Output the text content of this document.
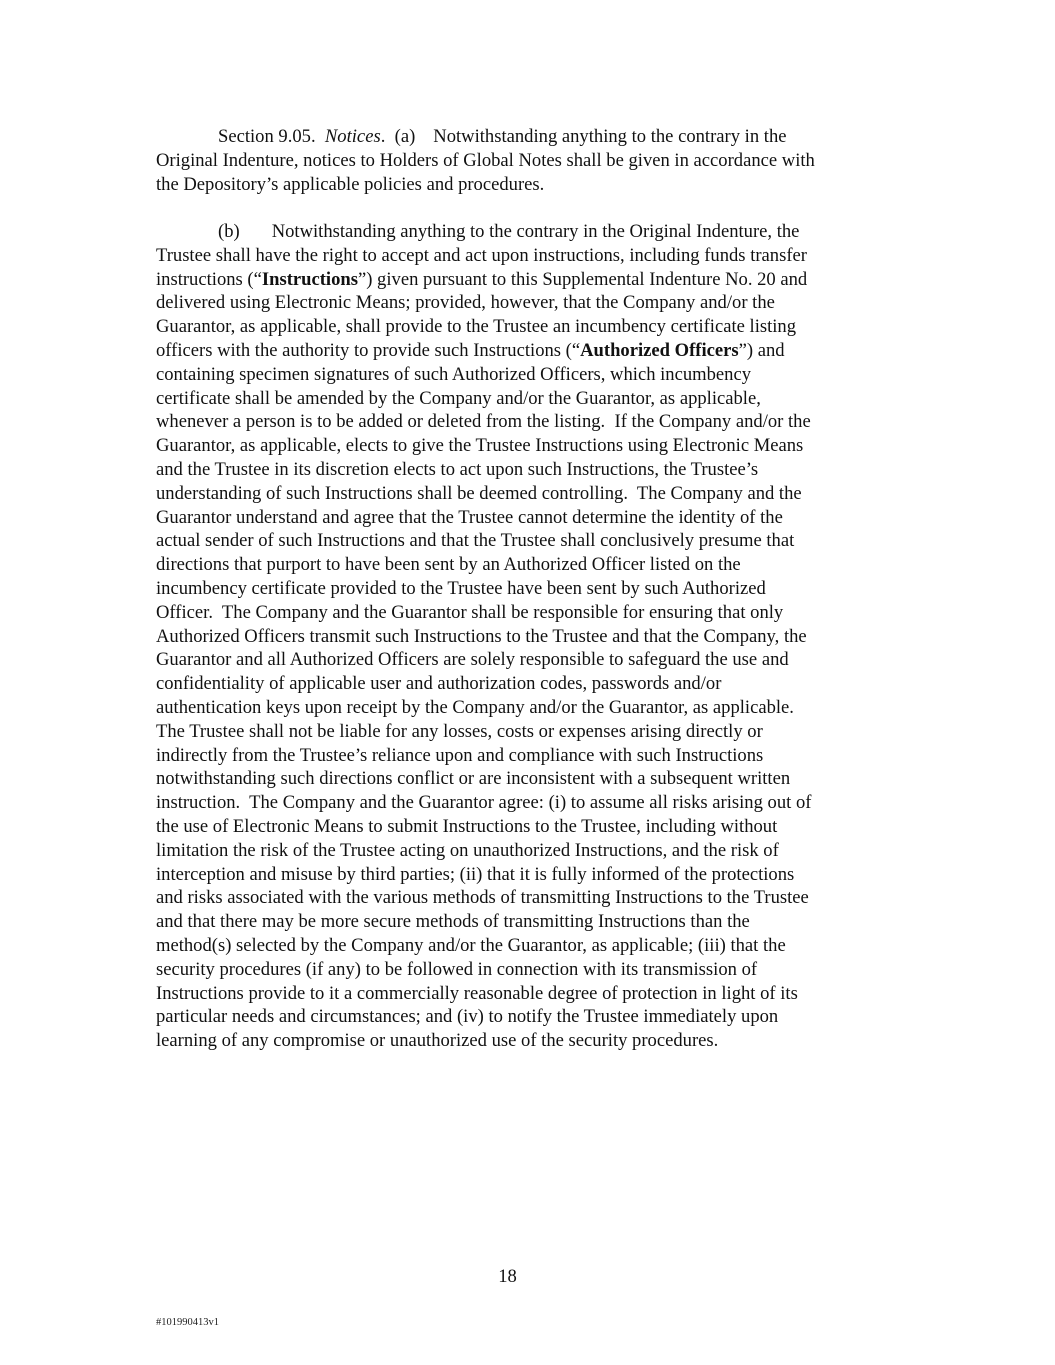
Section 9.05. Notices. (a) Notwithstanding anything to the contrary in the
Original Indenture, notices to Holders of Global Notes shall be given in accordance with
the Depository’s applicable policies and procedures.
(b) Notwithstanding anything to the contrary in the Original Indenture, the
Trustee shall have the right to accept and act upon instructions, including funds transfer
instructions (“Instructions”) given pursuant to this Supplemental Indenture No. 20 and
delivered using Electronic Means; provided, however, that the Company and/or the
Guarantor, as applicable, shall provide to the Trustee an incumbency certificate listing
officers with the authority to provide such Instructions (“Authorized Officers”) and
containing specimen signatures of such Authorized Officers, which incumbency
certificate shall be amended by the Company and/or the Guarantor, as applicable,
whenever a person is to be added or deleted from the listing.  If the Company and/or the
Guarantor, as applicable, elects to give the Trustee Instructions using Electronic Means
and the Trustee in its discretion elects to act upon such Instructions, the Trustee’s
understanding of such Instructions shall be deemed controlling.  The Company and the
Guarantor understand and agree that the Trustee cannot determine the identity of the
actual sender of such Instructions and that the Trustee shall conclusively presume that
directions that purport to have been sent by an Authorized Officer listed on the
incumbency certificate provided to the Trustee have been sent by such Authorized
Officer.  The Company and the Guarantor shall be responsible for ensuring that only
Authorized Officers transmit such Instructions to the Trustee and that the Company, the
Guarantor and all Authorized Officers are solely responsible to safeguard the use and
confidentiality of applicable user and authorization codes, passwords and/or
authentication keys upon receipt by the Company and/or the Guarantor, as applicable.
The Trustee shall not be liable for any losses, costs or expenses arising directly or
indirectly from the Trustee’s reliance upon and compliance with such Instructions
notwithstanding such directions conflict or are inconsistent with a subsequent written
instruction.  The Company and the Guarantor agree: (i) to assume all risks arising out of
the use of Electronic Means to submit Instructions to the Trustee, including without
limitation the risk of the Trustee acting on unauthorized Instructions, and the risk of
interception and misuse by third parties; (ii) that it is fully informed of the protections
and risks associated with the various methods of transmitting Instructions to the Trustee
and that there may be more secure methods of transmitting Instructions than the
method(s) selected by the Company and/or the Guarantor, as applicable; (iii) that the
security procedures (if any) to be followed in connection with its transmission of
Instructions provide to it a commercially reasonable degree of protection in light of its
particular needs and circumstances; and (iv) to notify the Trustee immediately upon
learning of any compromise or unauthorized use of the security procedures.
18
#101990413v1
